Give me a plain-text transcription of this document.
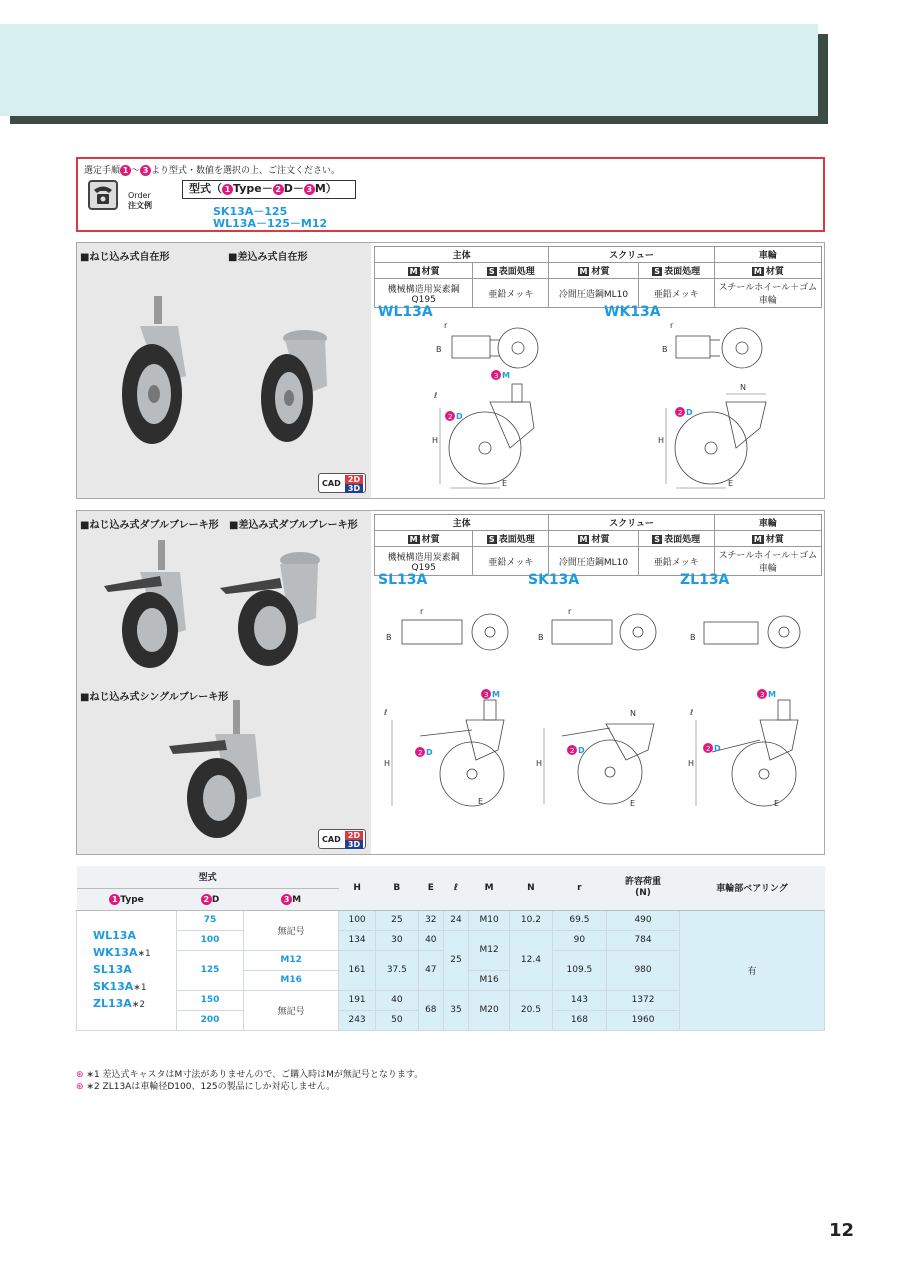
選定手順 1 ～ 3 より型式・数値を選択の上、ご注文ください。
Order
注文例
型式（ 1 Type－ 2 D－ 3 M）
SK13A－125
WL13A－125－M12
■ねじ込み式自在形	■差込み式自在形
CAD 2D
3D
主体		スクリュー		車輪
M 材質	S 表面処理	M 材質	S 表面処理	M 材質
機械構造用炭素鋼 Q195	亜鉛メッキ	冷間圧造鋼ML10	亜鉛メッキ	スチールホイール＋ゴム車輪
WL13A	WK13A
B
r
H
E
ℓ
3 M
2 D
B
r
H
E
N
2 D
■ねじ込み式ダブルブレーキ形 ■差込み式ダブルブレーキ形
■ねじ込み式シングルブレーキ形
CAD 2D
3D
主体		スクリュー		車輪
M 材質	S 表面処理	M 材質	S 表面処理	M 材質
機械構造用炭素鋼 Q195	亜鉛メッキ	冷間圧造鋼ML10	亜鉛メッキ	スチールホイール＋ゴム車輪
SL13A	SK13A	ZL13A
B
r
H
E
ℓ
3 M
2 D
B
r
H
E
N
2 D
B
H
E
ℓ
3 M
2 D
型式			H	B	E	ℓ	M	N	r	許容荷重
(N)	車輪部ベアリング
1 Type	2 D	3 M									

WL13A
WK13A∗1
SL13A
SK13A∗1
ZL13A∗2	75	無記号	100	25	32	24	M10	10.2	69.5	490	有
	100		134	30	40	25	M12	12.4	90	784	
	125	M12	161	37.5	47				109.5	980	
		M16					M16				
	150	無記号	191	40	68	35	M20	20.5	143	1372	
	200		243	50					168	1960	
⊛ ∗1 差込式キャスタはM寸法がありませんので、ご購入時はMが無記号となります。
⊛ ∗2 ZL13Aは車輪径D100、125の製品にしか対応しません。
12
